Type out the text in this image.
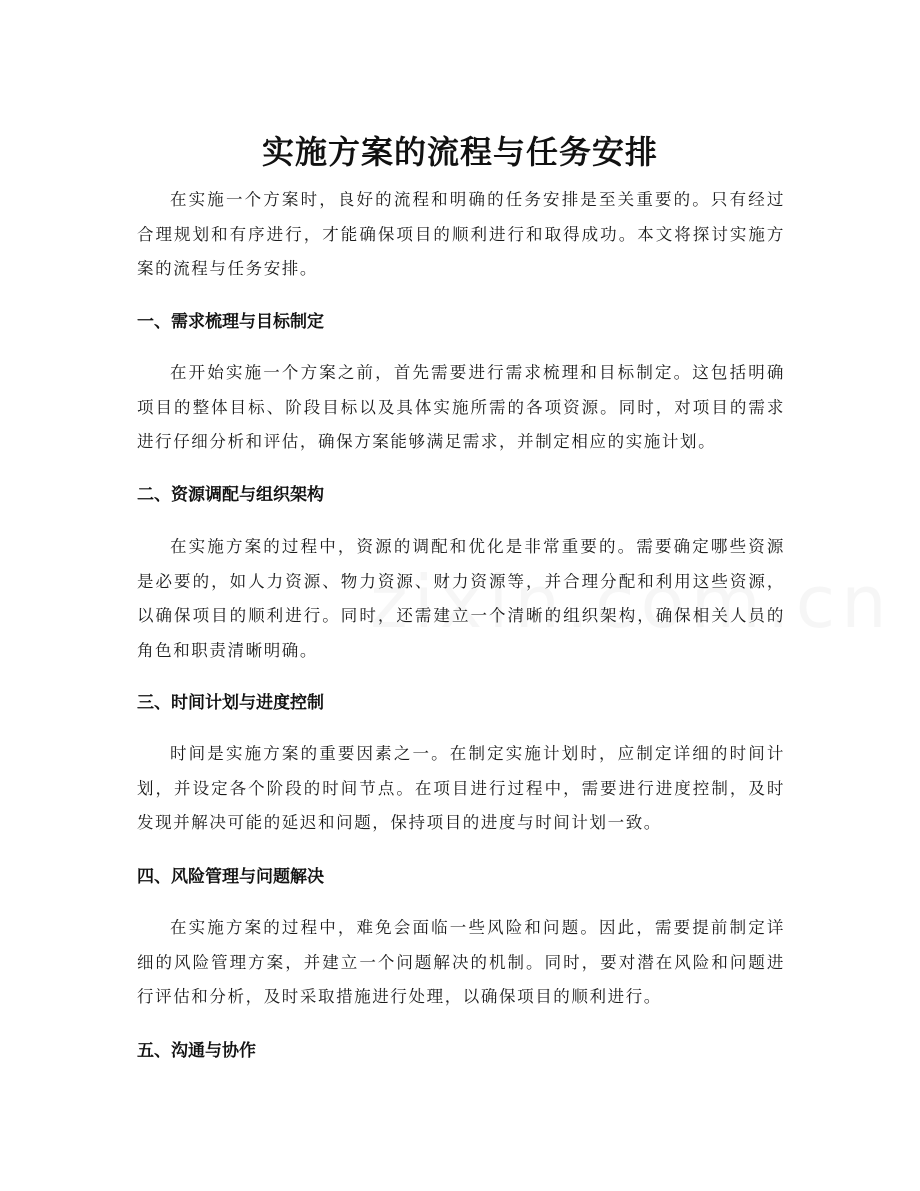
实施方案的流程与任务安排

在实施一个方案时，良好的流程和明确的任务安排是至关重要的。只有经过合理规划和有序进行，才能确保项目的顺利进行和取得成功。本文将探讨实施方案的流程与任务安排。

一、需求梳理与目标制定

在开始实施一个方案之前，首先需要进行需求梳理和目标制定。这包括明确项目的整体目标、阶段目标以及具体实施所需的各项资源。同时，对项目的需求进行仔细分析和评估，确保方案能够满足需求，并制定相应的实施计划。

二、资源调配与组织架构

在实施方案的过程中，资源的调配和优化是非常重要的。需要确定哪些资源是必要的，如人力资源、物力资源、财力资源等，并合理分配和利用这些资源，以确保项目的顺利进行。同时，还需建立一个清晰的组织架构，确保相关人员的角色和职责清晰明确。

三、时间计划与进度控制

时间是实施方案的重要因素之一。在制定实施计划时，应制定详细的时间计划，并设定各个阶段的时间节点。在项目进行过程中，需要进行进度控制，及时发现并解决可能的延迟和问题，保持项目的进度与时间计划一致。

四、风险管理与问题解决

在实施方案的过程中，难免会面临一些风险和问题。因此，需要提前制定详细的风险管理方案，并建立一个问题解决的机制。同时，要对潜在风险和问题进行评估和分析，及时采取措施进行处理，以确保项目的顺利进行。

五、沟通与协作
